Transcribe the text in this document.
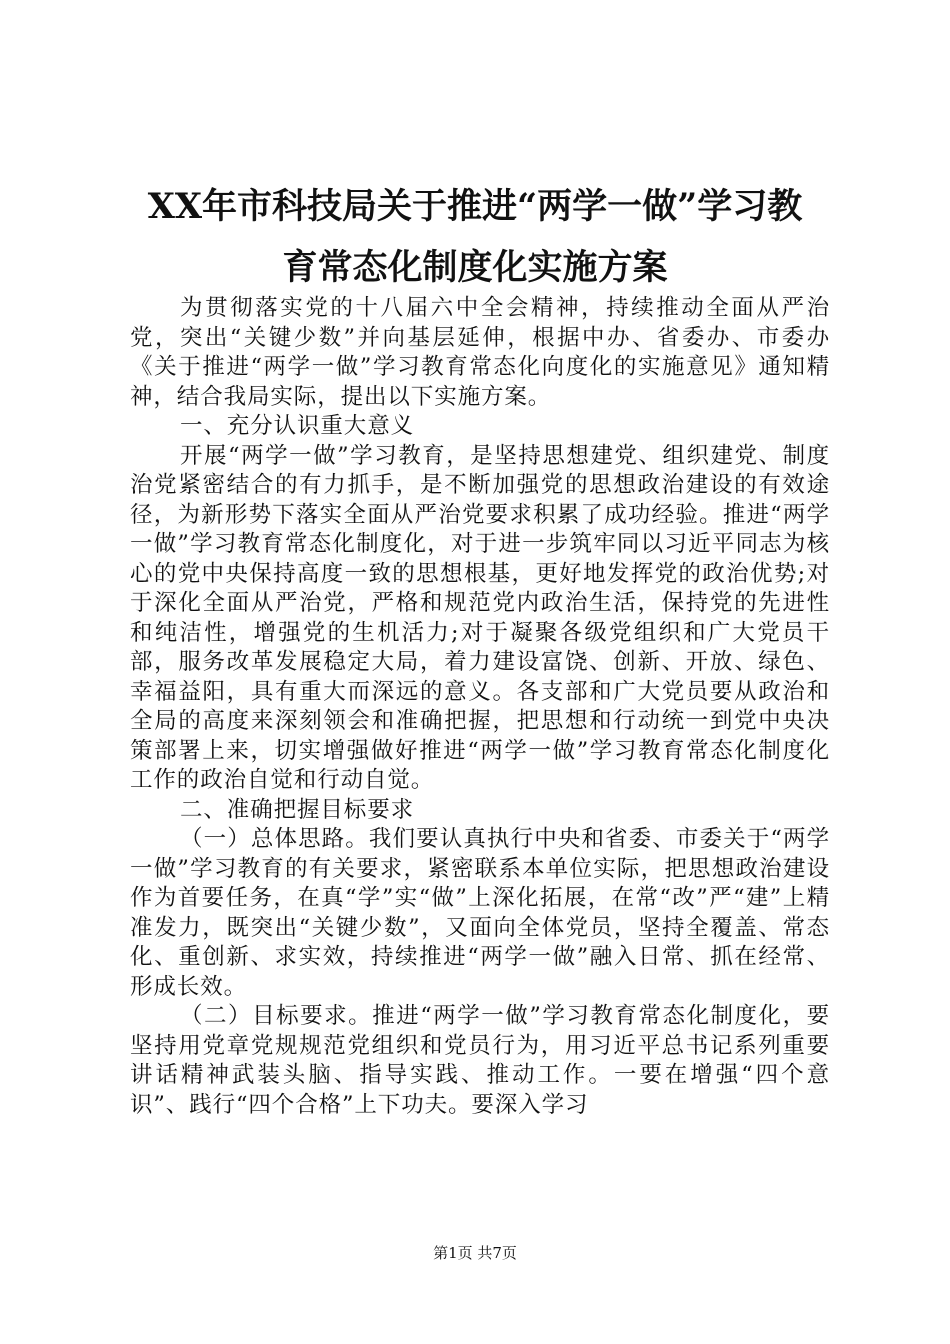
XX年市科技局关于推进“两学一做”学习教
育常态化制度化实施方案

为贯彻落实党的十八届六中全会精神，持续推动全面从严治党，突出“关键少数”并向基层延伸，根据中办、省委办、市委办《关于推进“两学一做”学习教育常态化向度化的实施意见》通知精神，结合我局实际，提出以下实施方案。

一、充分认识重大意义

开展“两学一做”学习教育，是坚持思想建党、组织建党、制度治党紧密结合的有力抓手，是不断加强党的思想政治建设的有效途径，为新形势下落实全面从严治党要求积累了成功经验。推进“两学一做”学习教育常态化制度化，对于进一步筑牢同以习近平同志为核心的党中央保持高度一致的思想根基，更好地发挥党的政治优势;对于深化全面从严治党，严格和规范党内政治生活，保持党的先进性和纯洁性，增强党的生机活力;对于凝聚各级党组织和广大党员干部，服务改革发展稳定大局，着力建设富饶、创新、开放、绿色、幸福益阳，具有重大而深远的意义。各支部和广大党员要从政治和全局的高度来深刻领会和准确把握，把思想和行动统一到党中央决策部署上来，切实增强做好推进“两学一做”学习教育常态化制度化工作的政治自觉和行动自觉。

二、准确把握目标要求

（一）总体思路。我们要认真执行中央和省委、市委关于“两学一做”学习教育的有关要求，紧密联系本单位实际，把思想政治建设作为首要任务，在真“学”实“做”上深化拓展，在常“改”严“建”上精准发力，既突出“关键少数”，又面向全体党员，坚持全覆盖、常态化、重创新、求实效，持续推进“两学一做”融入日常、抓在经常、形成长效。

（二）目标要求。推进“两学一做”学习教育常态化制度化，要坚持用党章党规规范党组织和党员行为，用习近平总书记系列重要讲话精神武装头脑、指导实践、推动工作。一要在增强“四个意识”、践行“四个合格”上下功夫。要深入学习

第1页 共7页
